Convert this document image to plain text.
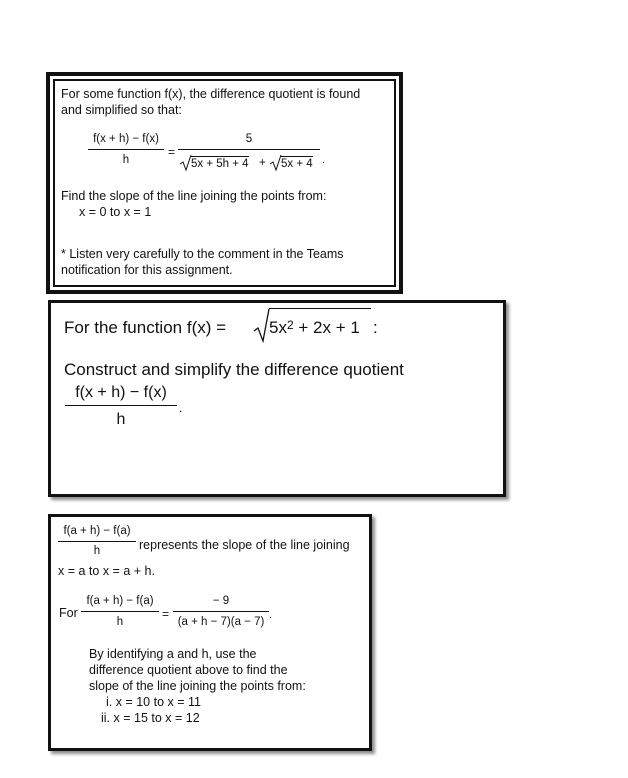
For some function f(x), the difference quotient is found
and simplified so that:
f(x + h) − f(x)
h
=
5
5x + 5h + 4 + 5x + 4 .
Find the slope of the line joining the points from:
x = 0 to x = 1
* Listen very carefully to the comment in the Teams
notification for this assignment.
For the function f(x) =	$5x^2 + 2x + 1$ :
Construct and simplify the difference quotient
f(x + h) − f(x)
h
.
f(a + h) − f(a)
h	represents the slope of the line joining
x = a to x = a + h.
For
f(a + h) − f(a)
h
=
− 9
(a + h − 7)(a − 7)
.
By identifying a and h, use the
difference quotient above to find the
slope of the line joining the points from:
i. x = 10 to x = 11
ii. x = 15 to x = 12
